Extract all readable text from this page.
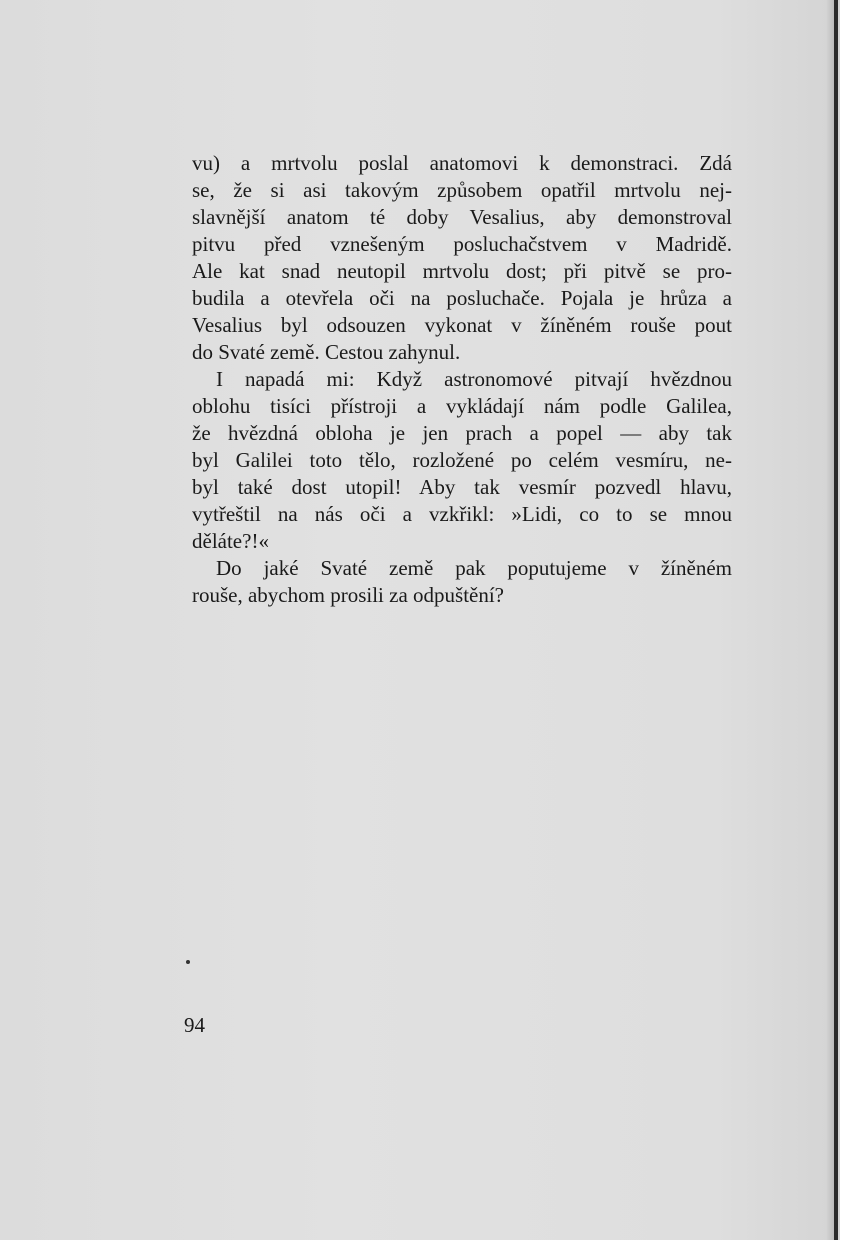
vu) a mrtvolu poslal anatomovi k demonstraci. Zdá
se, že si asi takovým způsobem opatřil mrtvolu nej-
slavnější anatom té doby Vesalius, aby demonstroval
pitvu před vznešeným posluchačstvem v Madridě.
Ale kat snad neutopil mrtvolu dost; při pitvě se pro-
budila a otevřela oči na posluchače. Pojala je hrůza a
Vesalius byl odsouzen vykonat v žíněném rouše pout
do Svaté země. Cestou zahynul.
I napadá mi: Když astronomové pitvají hvězdnou
oblohu tisíci přístroji a vykládají nám podle Galilea,
že hvězdná obloha je jen prach a popel — aby tak
byl Galilei toto tělo, rozložené po celém vesmíru, ne-
byl také dost utopil! Aby tak vesmír pozvedl hlavu,
vytřeštil na nás oči a vzkřikl: »Lidi, co to se mnou
děláte?!«
Do jaké Svaté země pak poputujeme v žíněném
rouše, abychom prosili za odpuštění?
94
